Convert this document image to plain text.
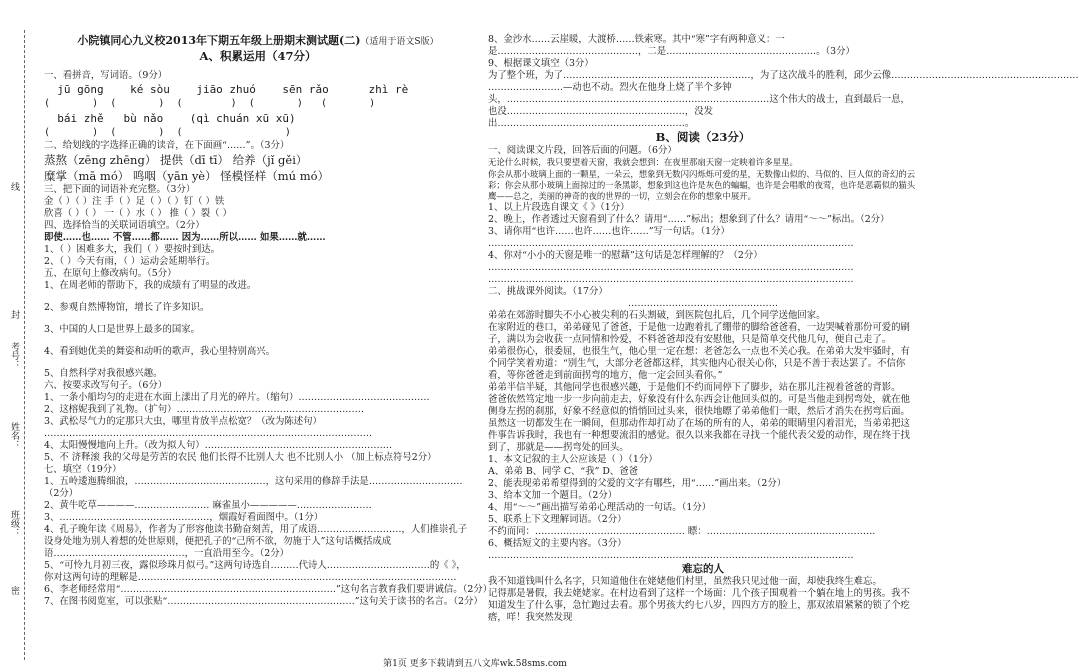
线
封
考号：
姓名：
班级：
密
小院镇同心九义校2013年下期五年级上册期末测试题(二)（适用于语文S版）
A、积累运用（47分）
一、看拼音，写词语。（9分）
jū gōng    ké sòu    jiāo zhuó    sēn rǎo      zhì rè
(       )  (       )  (        )  (       )   (       )
bái zhě   bù nǎo    (qì chuán xū xū)
(       )  (       )  (                 )
二、给划线的字选择正确的读音，在下面画“……”。（3分）
蒸熬（zēng zhēng） 提供（dī tī） 给养（jǐ gěi）
糜掌（mā mó） 鸣咽（yān yè） 怪模怪样（mú mó）
三、把下面的词语补充完整。（3分）
金（ ）（ ）注 手（ ）足（ ）（ ）钉（ ）铁
欣喜（ ）（ ） 一（ ）水（ ） 推（ ）裂（ ）
四、选择恰当的关联词语填空。（2分）
即使……也…… 不管……都…… 因为……所以…… 如果……就……
1、（ ）困难多大，我们（ ）要按时到达。
2、（ ）今天有雨，（ ）运动会延期举行。
五、在原句上修改病句。（5分）
1、在周老师的帮助下，我的成绩有了明显的改进。
2、参观自然博物馆，增长了许多知识。
3、中国的人口是世界上最多的国家。
4、看到她优美的舞姿和动听的歌声，我心里特别高兴。
5、自然科学对我很感兴趣。
六、按要求改写句子。（6分）
1、一条小船均匀的走进在水面上漾出了月光的碎片。（缩句）……………………………………
2、这榕妮我到了礼物。（扩句）……………………………………………………
3、武松尽气力的定那只大虫，哪里肯放半点松宽？（改为陈述句）
……………………………………………………………………………………………
4、太阳慢慢地向上升。（改为拟人句）……………………………………………………
5、不 济释滚 我的父母是劳苦的农民 他们长得不比别人大 也不比别人小 （加上标点符号2分）
七、填空（19分）
1、五岭逶迤腾细浪，……………………………………，这句采用的修辞手法是…………………………（2分）
2、黄牛吃草————…………………… 麻雀虽小—————……………………
3、…………………………………………，烟霞好看面图中。（1分）
4、孔子晚年读《周易》，作者为了形容他读书勤奋刻苦，用了成语………………………，人们推崇孔子设身处地为别人着想的处世原则，便把孔子的“己所不欲，勿施于人”这句话概括成成语……………………………………，一直沿用至今。（2分）
5、“可怜九月初三夜，露似珍珠月似弓。”这两句诗选自………代诗人……………………………的《 》，你对这两句诗的理解是…………………………………………………………………………………………
6、李老师经常用“……………………………………………………………”这句名言教育我们要讲诚信。（2分）
7、在图书阅览室，可以张贴“……………………………………………………”这句关于读书的名言。（2分）
8、金沙水……云崖暖，大渡桥……铁索寒。其中“寒”字有两种意义：一是………………………………………，二是…………………………………………。（3分）
9、根据课文填空（3分）
为了整个班，为了……………………………………………………，为了这次战斗的胜利，邱少云像……………………………………………………
……………………—动也不动。烈火在他身上烧了半个多钟头，…………………………………………………………………………这个伟大的战士，直到最后一息，也没…………………………………………………，没发出……………………………………………………。
B、阅读（23分）
一、阅读课文片段，回答后面的问题。（6分）
无论什么时候，我只要望着天窗，我就会想到：在夜里那扇天窗一定映着许多星星。
你会从那小玻璃上面的一颗星，一朵云，想象到无数闪闪烁烁可爱的星，无数像山似的、马似的、巨人似的奇幻的云彩；你会从那小玻璃上面掠过的一条黑影，想象到这也许是灰色的蝙蝠，也许是会唱歌的夜莺，也许是恶霸似的猫头鹰——总之，美丽的神奇的夜的世界的一切，立刻会在你的想象中展开。
1、以上片段选自课文《 》（1分）
2、晚上，作者透过天窗看到了什么？请用“……”标出；想象到了什么？请用“～～”标出。（2分）
3、请你用“也许……也许……也许……”写一句话。（1分）
………………………………………………………………………………………………………
4、你对“小小的天窗是唯一的慰藉”这句话是怎样理解的？（2分）
………………………………………………………………………………………………………
………………………………………………………………………………………………………
二、挑战课外阅读。（17分）
…………………………………………
弟弟在郊游时脚失不小心被尖利的石头割破，到医院包扎后，几个同学送他回家。
在家附近的巷口，弟弟碰见了爸爸，于是他一边跑着扎了绷带的脚给爸爸看，一边哭喊着那份可爱的刷子，满以为会收获一点同情和怜爱，不料爸爸却没有安慰他，只是简单交代他几句，便自己走了。
弟弟很伤心，很委屈，也很生气，他心里一定在想：老爸怎么一点也不关心我。在弟弟大发牢骚时，有个同学笑着劝道：“别生气，大部分老爸都这样，其实他内心很关心你，只是不善于表达罢了。不信你看，等你爸爸走到前面拐弯的地方，他一定会回头看你。”
弟弟半信半疑，其他同学也很感兴趣，于是他们不约而同停下了脚步，站在那儿注视着爸爸的背影。
爸爸依然笃定地一步一步向前走去，好象没有什么东西会让他回头似的。可是当他走到拐弯处，就在他侧身左拐的刹那，好象不经意似的悄悄回过头来，很快地瞟了弟弟他们一眼，然后才消失在拐弯后面。
虽然这一切都发生在一瞬间，但那动作却打动了在场的所有的人，弟弟的眼睛里闪着泪光，当弟弟把这件事告诉我时，我也有一种想要流泪的感觉。很久以来我都在寻找一个能代表父爱的动作，现在终于找到了，那就是——拐弯处的回头。
1、本文记叙的主人公应该是（ ）（1分）
A、弟弟 B、同学 C、“我” D、爸爸
2、能表现弟弟希望得到的父爱的文字有哪些，用“……”画出来。（2分）
3、给本文加一个题目。（2分）
4、用“～～”画出描写弟弟心理活动的一句话。（1分）
5、联系上下文理解词语。（2分）
不约而同：………………………………………… 瞟：………………………………………………
6、概括短文的主要内容。（3分）
………………………………………………………………………………………………………
难忘的人
我不知道钱叫什么名字，只知道他住在姥姥他们村里，虽然我只见过他一面，却使我终生难忘。
记得那是暑假，我去姥姥家。在村边看到了这样一个场面：几个孩子围观着一个躺在地上的男孩。我不知道发生了什么事，急忙跑过去看。那个男孩大约七八岁，四四方方的脸上，那双浓眉紧紧的锁了个疙瘩，咩！我突然发现
第1页 更多下载请到五八文库wk.58sms.com
